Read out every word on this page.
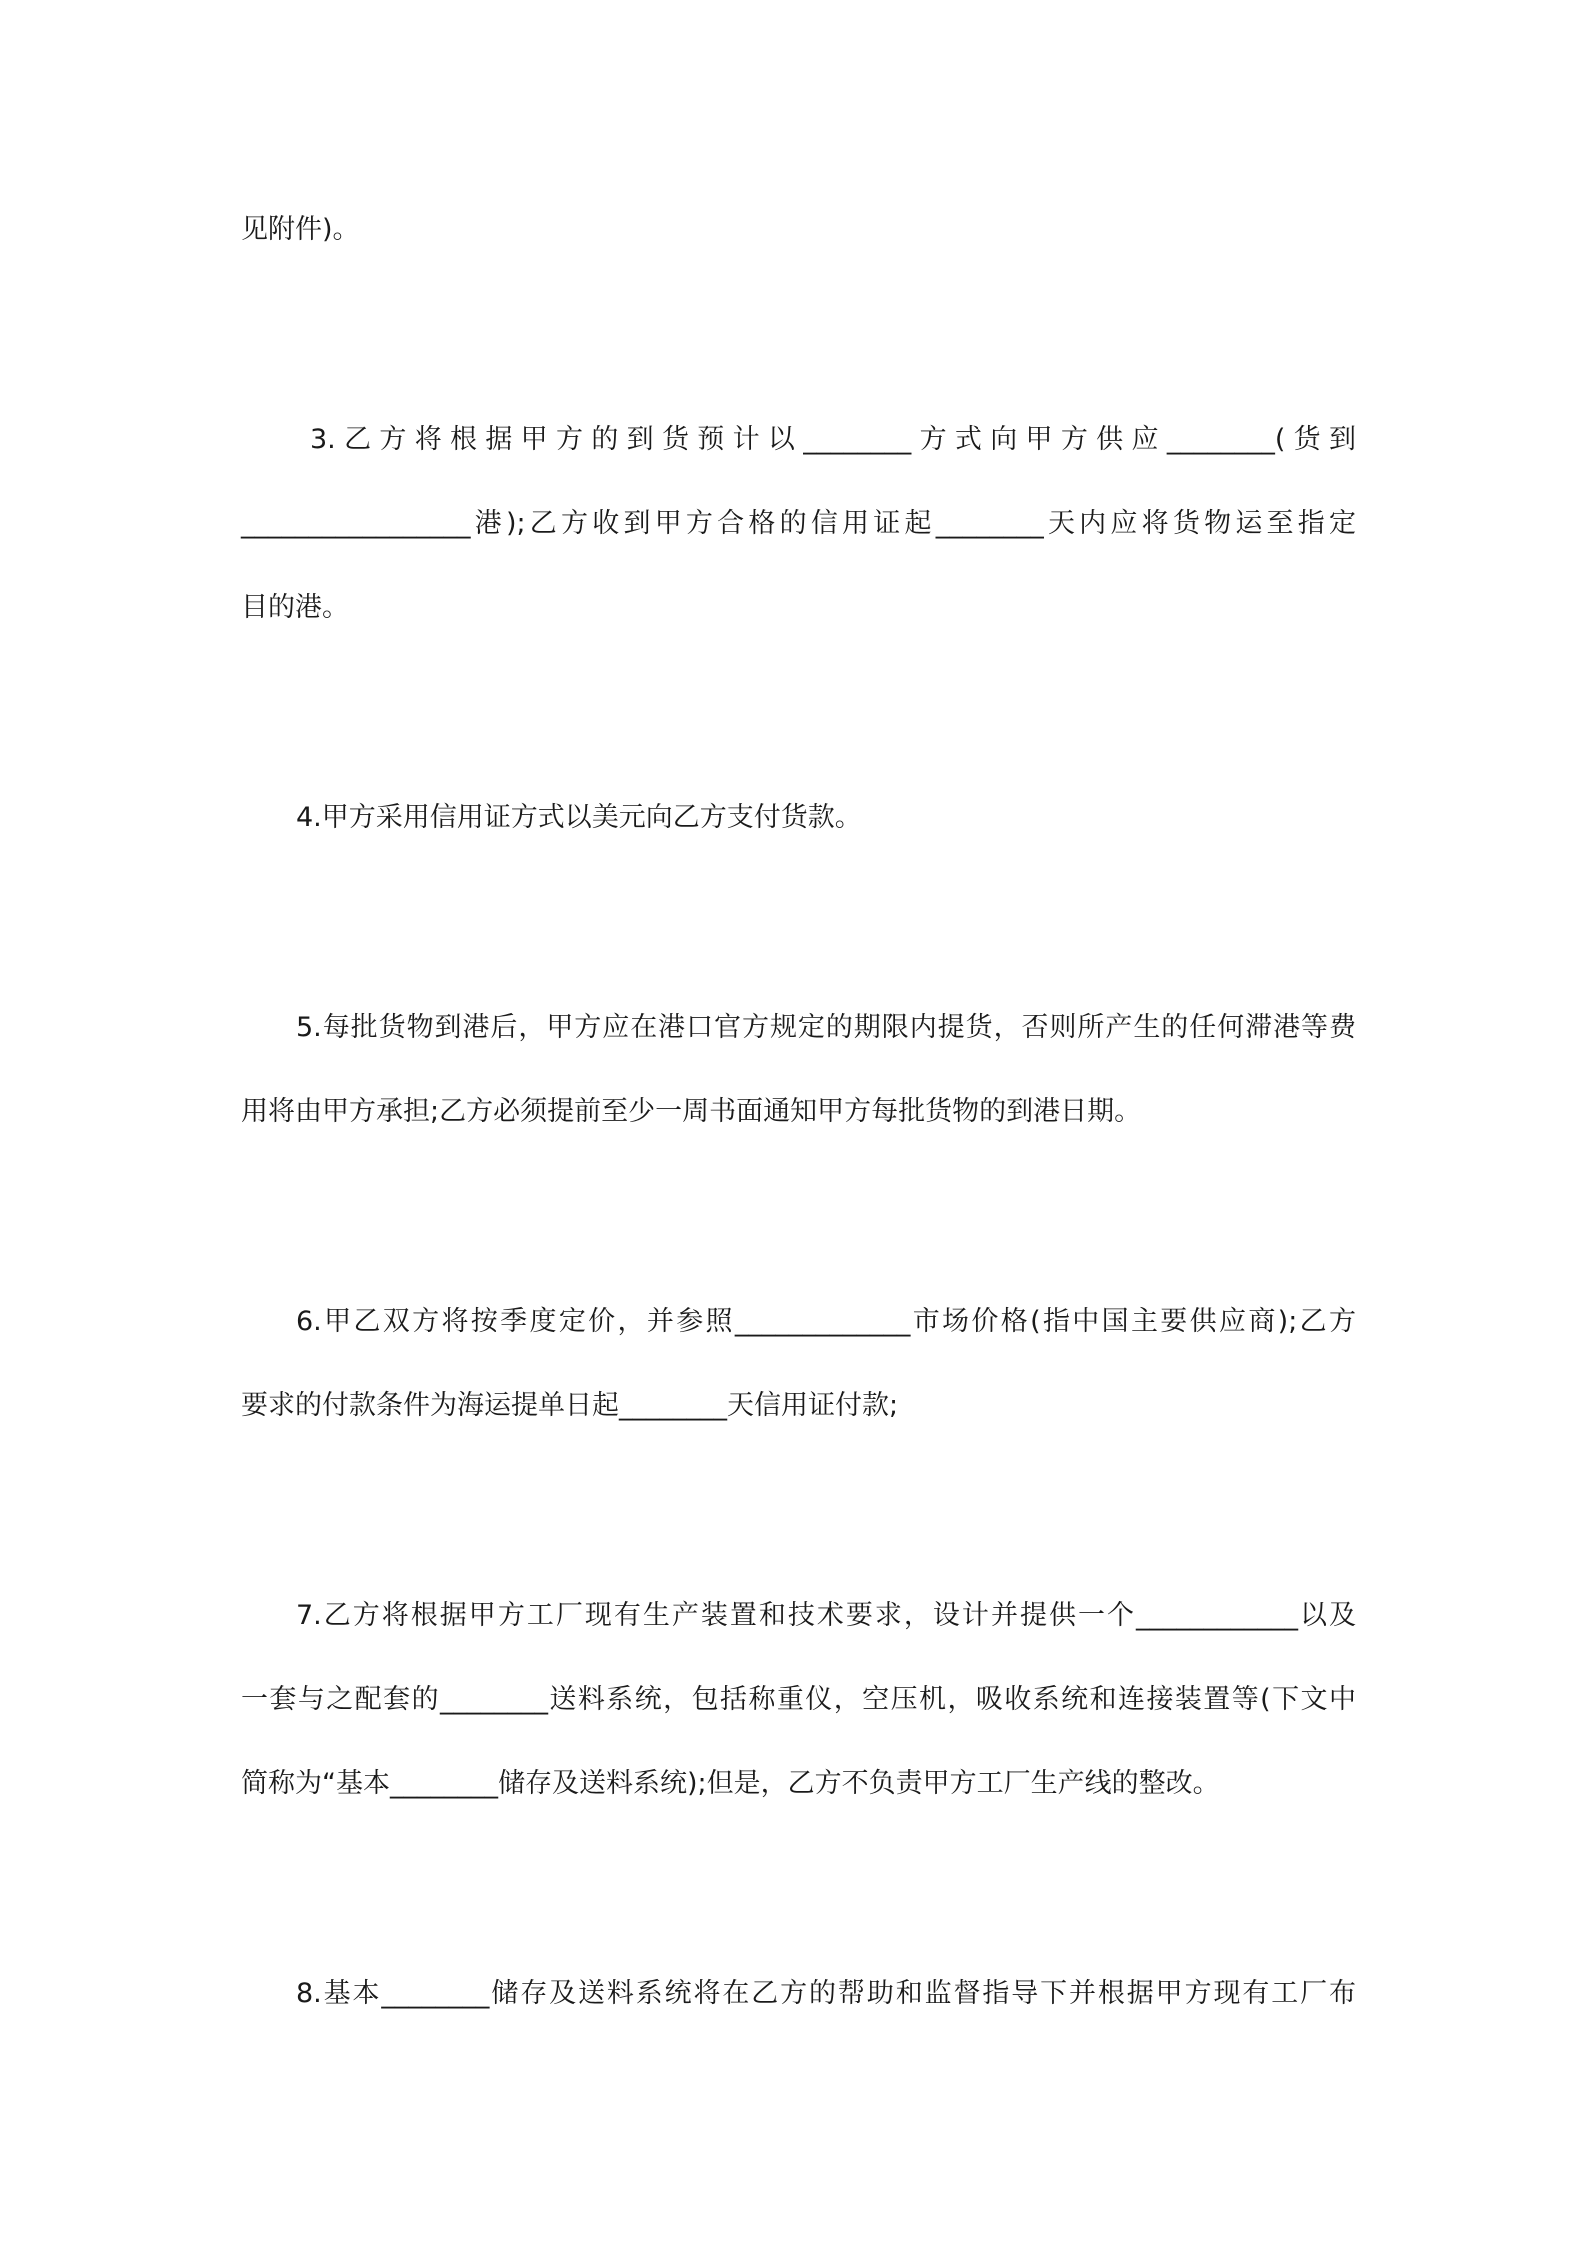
见附件)。
3.乙方将根据甲方的到货预计以________方式向甲方供应________(货到
_________________港);乙方收到甲方合格的信用证起________天内应将货物运至指定
目的港。
4.甲方采用信用证方式以美元向乙方支付货款。
5.每批货物到港后，甲方应在港口官方规定的期限内提货，否则所产生的任何滞港等费
用将由甲方承担;乙方必须提前至少一周书面通知甲方每批货物的到港日期。
6.甲乙双方将按季度定价，并参照_____________市场价格(指中国主要供应商);乙方
要求的付款条件为海运提单日起________天信用证付款;
7.乙方将根据甲方工厂现有生产装置和技术要求，设计并提供一个____________以及
一套与之配套的________送料系统，包括称重仪，空压机，吸收系统和连接装置等(下文中
简称为“基本________储存及送料系统);但是，乙方不负责甲方工厂生产线的整改。
8.基本________储存及送料系统将在乙方的帮助和监督指导下并根据甲方现有工厂布
